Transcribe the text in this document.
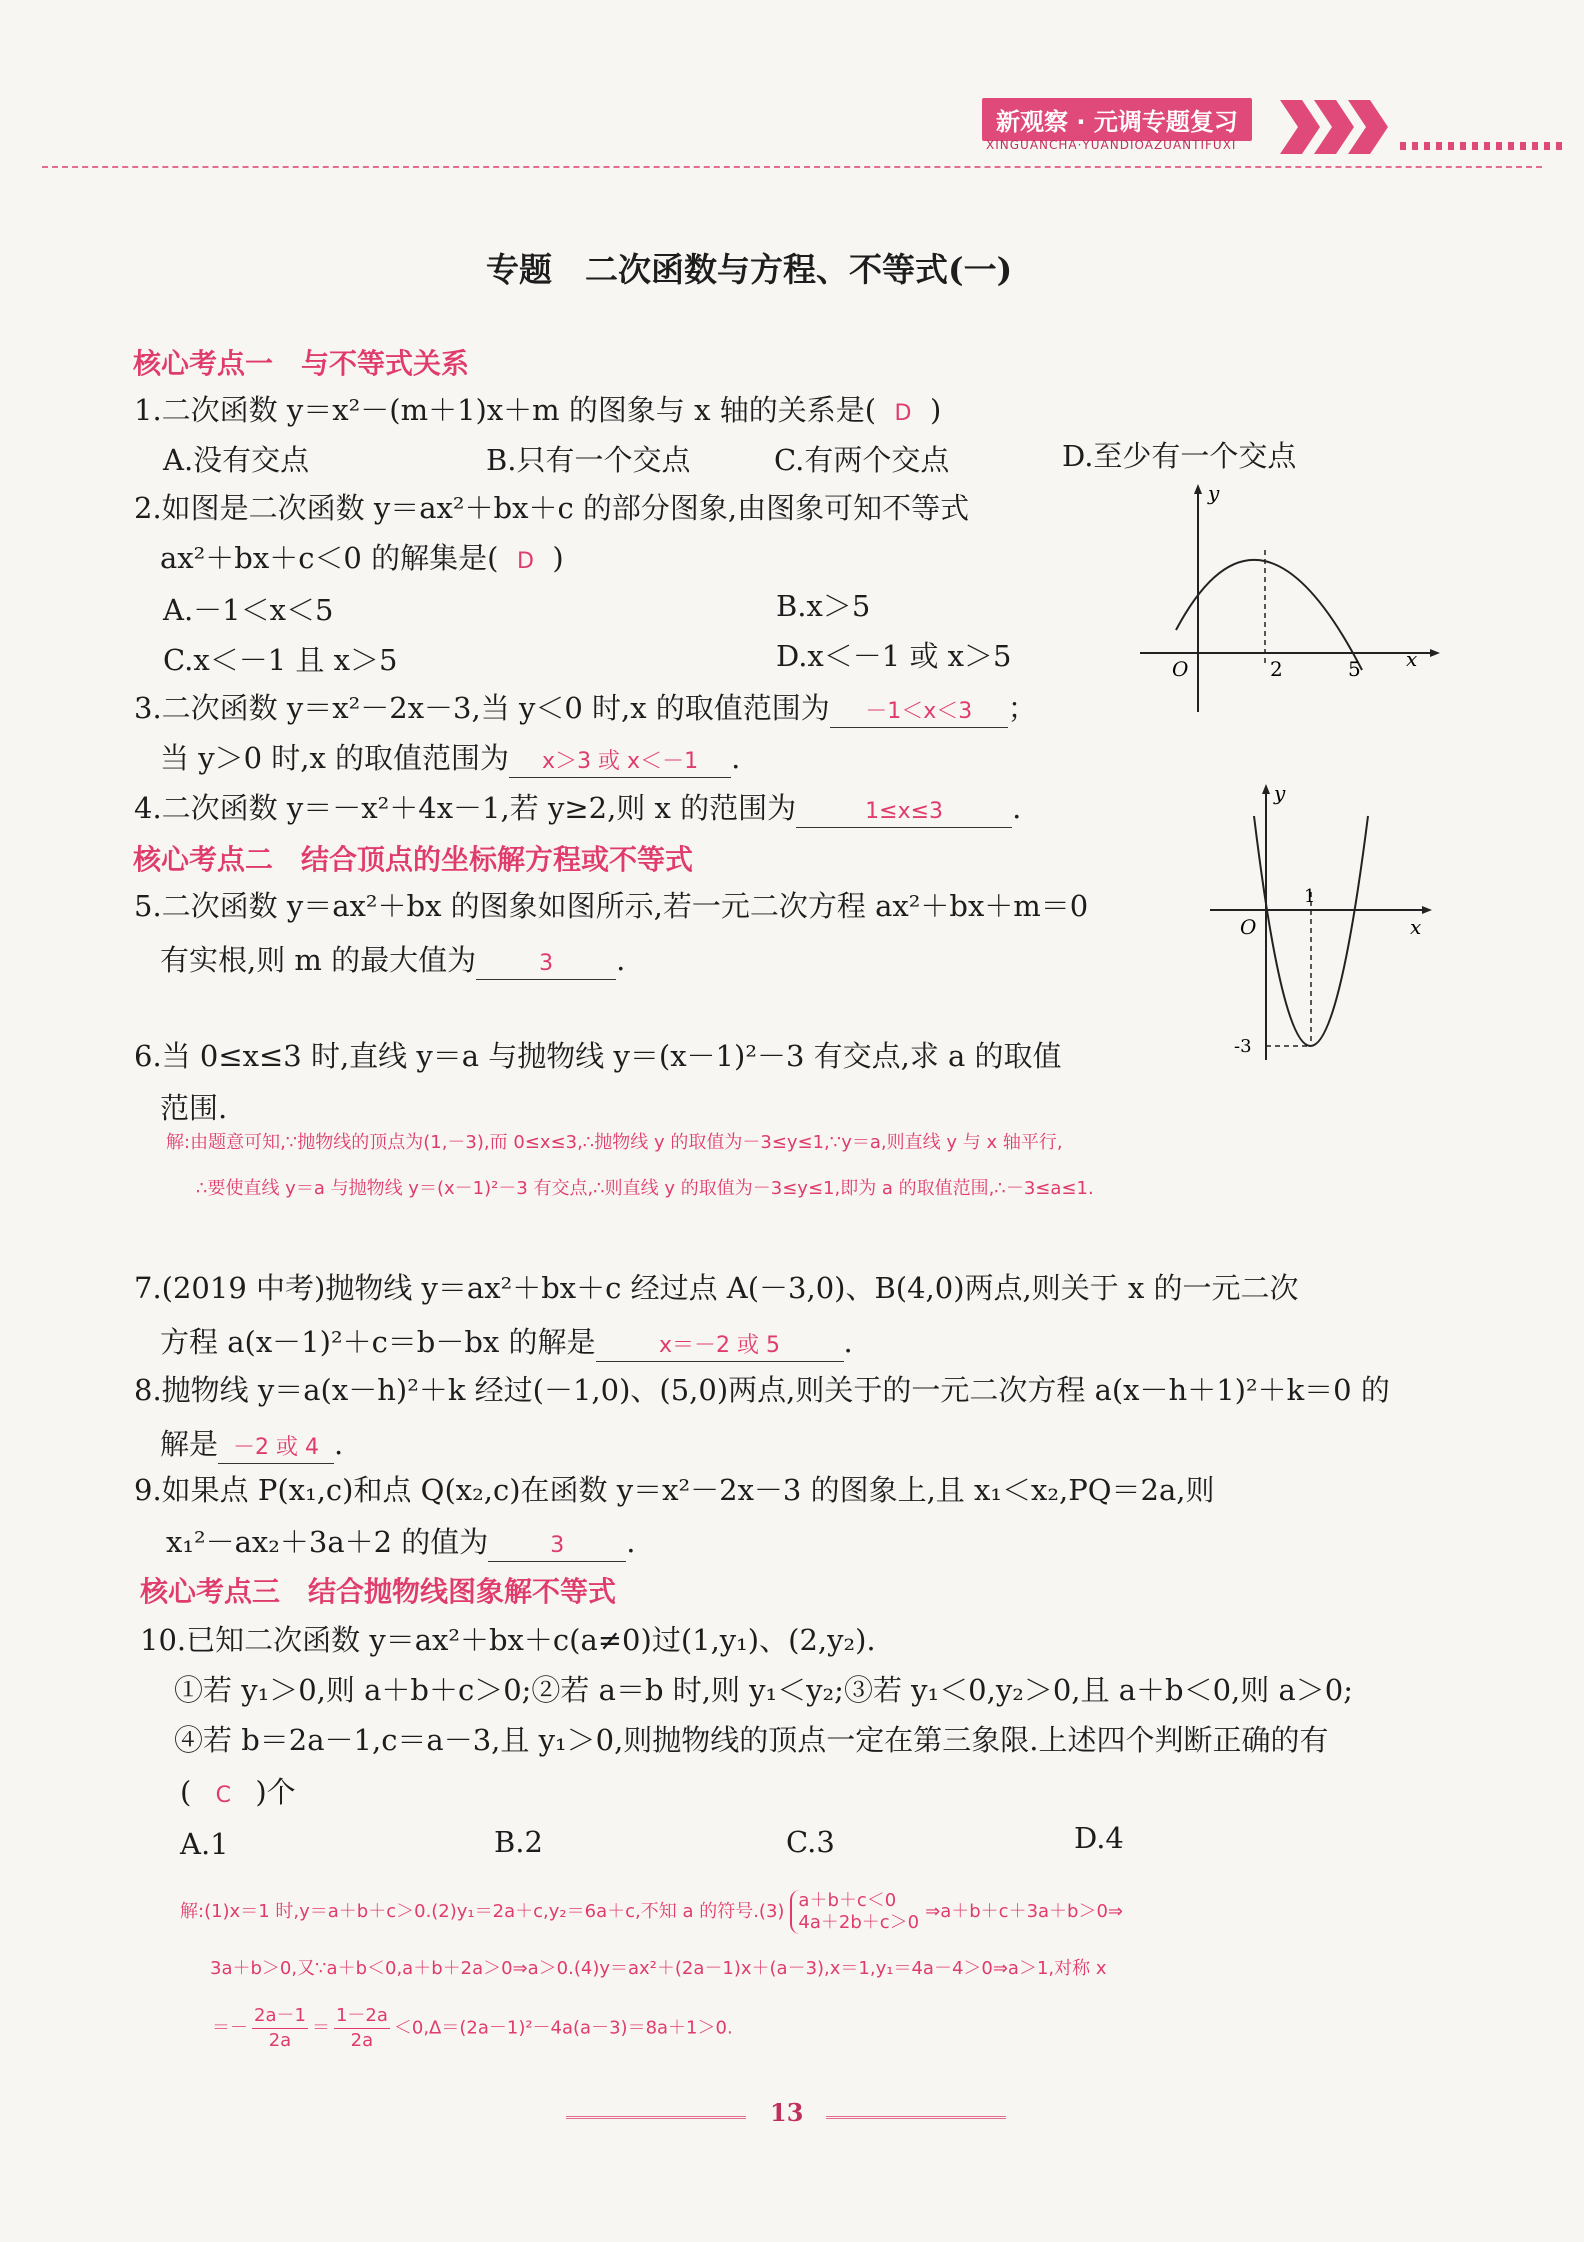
新观察 · 元调专题复习
XINGUANCHA·YUANDIOAZUANTIFUXI
专题　二次函数与方程、不等式(一)
核心考点一　与不等式关系
1.二次函数 y＝x²－(m＋1)x＋m 的图象与 x 轴的关系是( D )
A.没有交点	B.只有一个交点	C.有两个交点	D.至少有一个交点
2.如图是二次函数 y＝ax²＋bx＋c 的部分图象,由图象可知不等式
ax²＋bx＋c＜0 的解集是( D )
A.－1＜x＜5	B.x＞5
C.x＜－1 且 x＞5	D.x＜－1 或 x＞5
y
x
O	2	5
3.二次函数 y＝x²－2x－3,当 y＜0 时,x 的取值范围为 －1＜x＜3 ；
当 y＞0 时,x 的取值范围为 x＞3 或 x＜－1 .
4.二次函数 y＝－x²＋4x－1,若 y≥2,则 x 的范围为	1≤x≤3 .
核心考点二　结合顶点的坐标解方程或不等式
y
x
O
1
-3
5.二次函数 y＝ax²＋bx 的图象如图所示,若一元二次方程 ax²＋bx＋m＝0
有实根,则 m 的最大值为	3 .
6.当 0≤x≤3 时,直线 y＝a 与抛物线 y＝(x－1)²－3 有交点,求 a 的取值
范围.
解:由题意可知,∵抛物线的顶点为(1,－3),而 0≤x≤3,∴抛物线 y 的取值为－3≤y≤1,∵y＝a,则直线 y 与 x 轴平行,
∴要使直线 y＝a 与抛物线 y＝(x－1)²－3 有交点,∴则直线 y 的取值为－3≤y≤1,即为 a 的取值范围,∴－3≤a≤1.
7.(2019 中考)抛物线 y＝ax²＋bx＋c 经过点 A(－3,0)、B(4,0)两点,则关于 x 的一元二次
方程 a(x－1)²＋c＝b－bx 的解是	x＝－2 或 5 .
8.抛物线 y＝a(x－h)²＋k 经过(－1,0)、(5,0)两点,则关于的一元二次方程 a(x－h＋1)²＋k＝0 的
解是 －2 或 4 .
9.如果点 P(x₁,c)和点 Q(x₂,c)在函数 y＝x²－2x－3 的图象上,且 x₁＜x₂,PQ＝2a,则
x₁²－ax₂＋3a＋2 的值为	3 .
核心考点三　结合抛物线图象解不等式
10.已知二次函数 y＝ax²＋bx＋c(a≠0)过(1,y₁)、(2,y₂).
①若 y₁＞0,则 a＋b＋c＞0;②若 a＝b 时,则 y₁＜y₂;③若 y₁＜0,y₂＞0,且 a＋b＜0,则 a＞0;
④若 b＝2a－1,c＝a－3,且 y₁＞0,则抛物线的顶点一定在第三象限.上述四个判断正确的有
( C )个
A.1	B.2	C.3	D.4
解:(1)x＝1 时,y＝a＋b＋c＞0.(2)y₁＝2a＋c,y₂＝6a＋c,不知 a 的符号.(3)
a＋b＋c＜0
4a＋2b＋c＞0
⇒a＋b＋c＋3a＋b＞0⇒
3a＋b＞0,又∵a＋b＜0,a＋b＋2a＞0⇒a＞0.(4)y＝ax²＋(2a－1)x＋(a－3),x＝1,y₁＝4a－4＞0⇒a＞1,对称 x
＝－ $\frac{2a-1}{2a} = \frac{1-2a}{2a} <0,\Delta=(2a-1)^2-4a(a-3)=8a+1>0$.
13
